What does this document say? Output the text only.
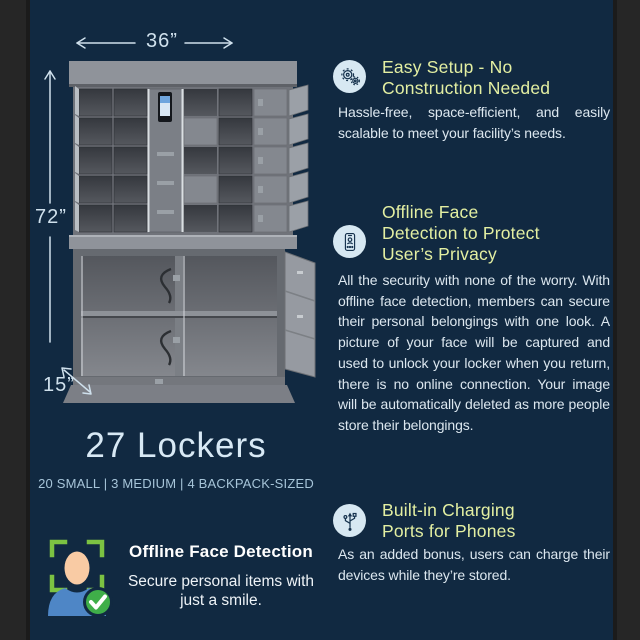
36”
72”
15”
27 Lockers
20 SMALL | 3 MEDIUM | 4 BACKPACK-SIZED
Offline Face Detection
Secure personal items with just a smile.
Easy Setup - No
Construction Needed
Hassle-free, space-efficient, and easily scalable to meet your facility’s needs.
Offline Face
Detection to Protect
User’s Privacy
All the security with none of the worry. With offline face detection, members can secure their personal belongings with one look. A picture of your face will be captured and used to unlock your locker when you return, there is no online connection. Your image will be automatically deleted as more people store their belongings.
Built-in Charging
Ports for Phones
As an added bonus, users can charge their devices while they’re stored.
